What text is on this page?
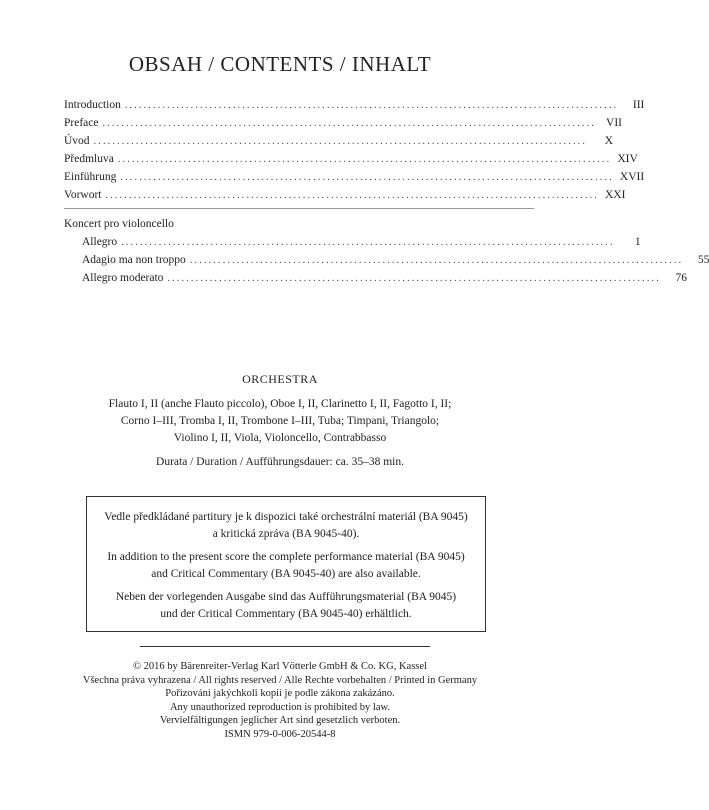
OBSAH / CONTENTS / INHALT
Introduction .........................................................................................................	III
Preface ......................................................................................................... VII
Úvod .........................................................................................................	X
Předmluva ......................................................................................................... XIV
Einführung ......................................................................................................... XVII
Vorwort ......................................................................................................... XXI
Koncert pro violoncello
Allegro .........................................................................................................	1
Adagio ma non troppo .........................................................................................................	55
Allegro moderato .........................................................................................................	76
ORCHESTRA
Flauto I, II (anche Flauto piccolo), Oboe I, II, Clarinetto I, II, Fagotto I, II;
Corno I–III, Tromba I, II, Trombone I–III, Tuba; Timpani, Triangolo;
Violino I, II, Viola, Violoncello, Contrabbasso
Durata / Duration / Aufführungsdauer: ca. 35–38 min.

Vedle předkládané partitury je k dispozici také orchestrální materiál (BA 9045)
a kritická zpráva (BA 9045-40).

In addition to the present score the complete performance material (BA 9045)
and Critical Commentary (BA 9045-40) are also available.

Neben der vorlegenden Ausgabe sind das Aufführungsmaterial (BA 9045)
und der Critical Commentary (BA 9045-40) erhältlich.

© 2016 by Bärenreiter-Verlag Karl Vötterle GmbH & Co. KG, Kassel
Všechna práva vyhrazena / All rights reserved / Alle Rechte vorbehalten / Printed in Germany
Pořizování jakýchkoli kopií je podle zákona zakázáno.
Any unauthorized reproduction is prohibited by law.
Vervielfältigungen jeglicher Art sind gesetzlich verboten.
ISMN 979-0-006-20544-8
